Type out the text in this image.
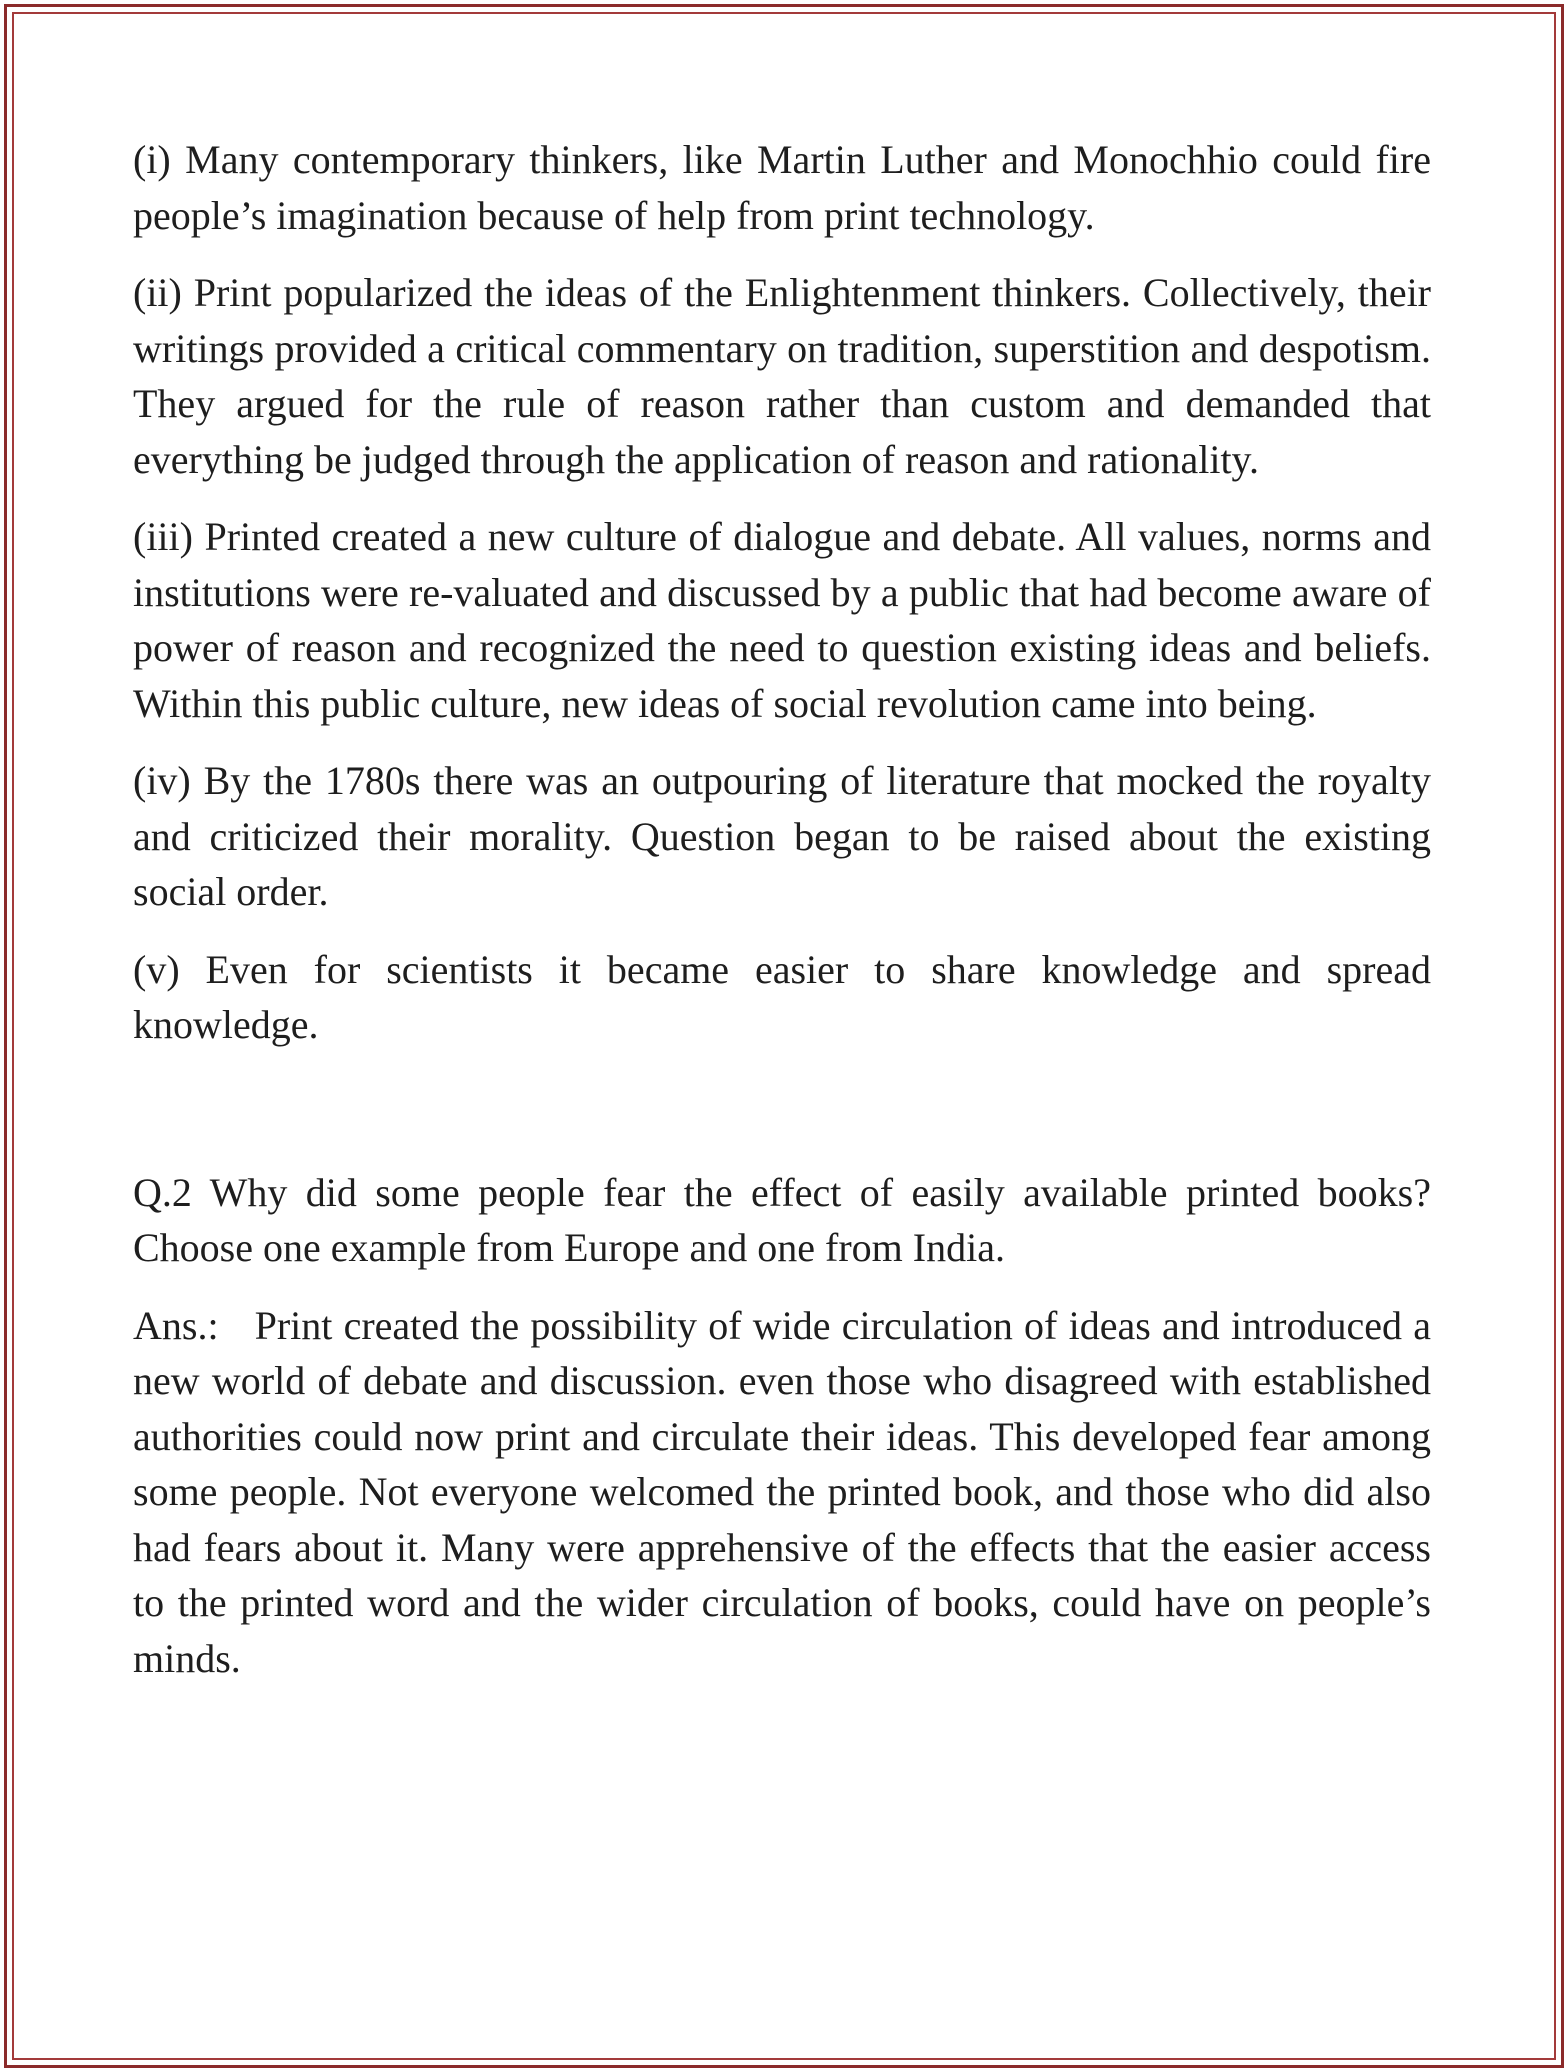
(i) Many contemporary thinkers, like Martin Luther and Monochhio could fire people’s imagination because of help from print technology.

(ii) Print popularized the ideas of the Enlightenment thinkers. Collectively, their writings provided a critical commentary on tradition, superstition and despotism. They argued for the rule of reason rather than custom and demanded that everything be judged through the application of reason and rationality.

(iii) Printed created a new culture of dialogue and debate. All values, norms and institutions were re-valuated and discussed by a public that had become aware of power of reason and recognized the need to question existing ideas and beliefs. Within this public culture, new ideas of social revolution came into being.

(iv) By the 1780s there was an outpouring of literature that mocked the royalty and criticized their morality. Question began to be raised about the existing social order.

(v) Even for scientists it became easier to share knowledge and spread knowledge.

Q.2 Why did some people fear the effect of easily available printed books? Choose one example from Europe and one from India.

Ans.: Print created the possibility of wide circulation of ideas and introduced a new world of debate and discussion. even those who disagreed with established authorities could now print and circulate their ideas. This developed fear among some people. Not everyone welcomed the printed book, and those who did also had fears about it. Many were apprehensive of the effects that the easier access to the printed word and the wider circulation of books, could have on people’s minds.
